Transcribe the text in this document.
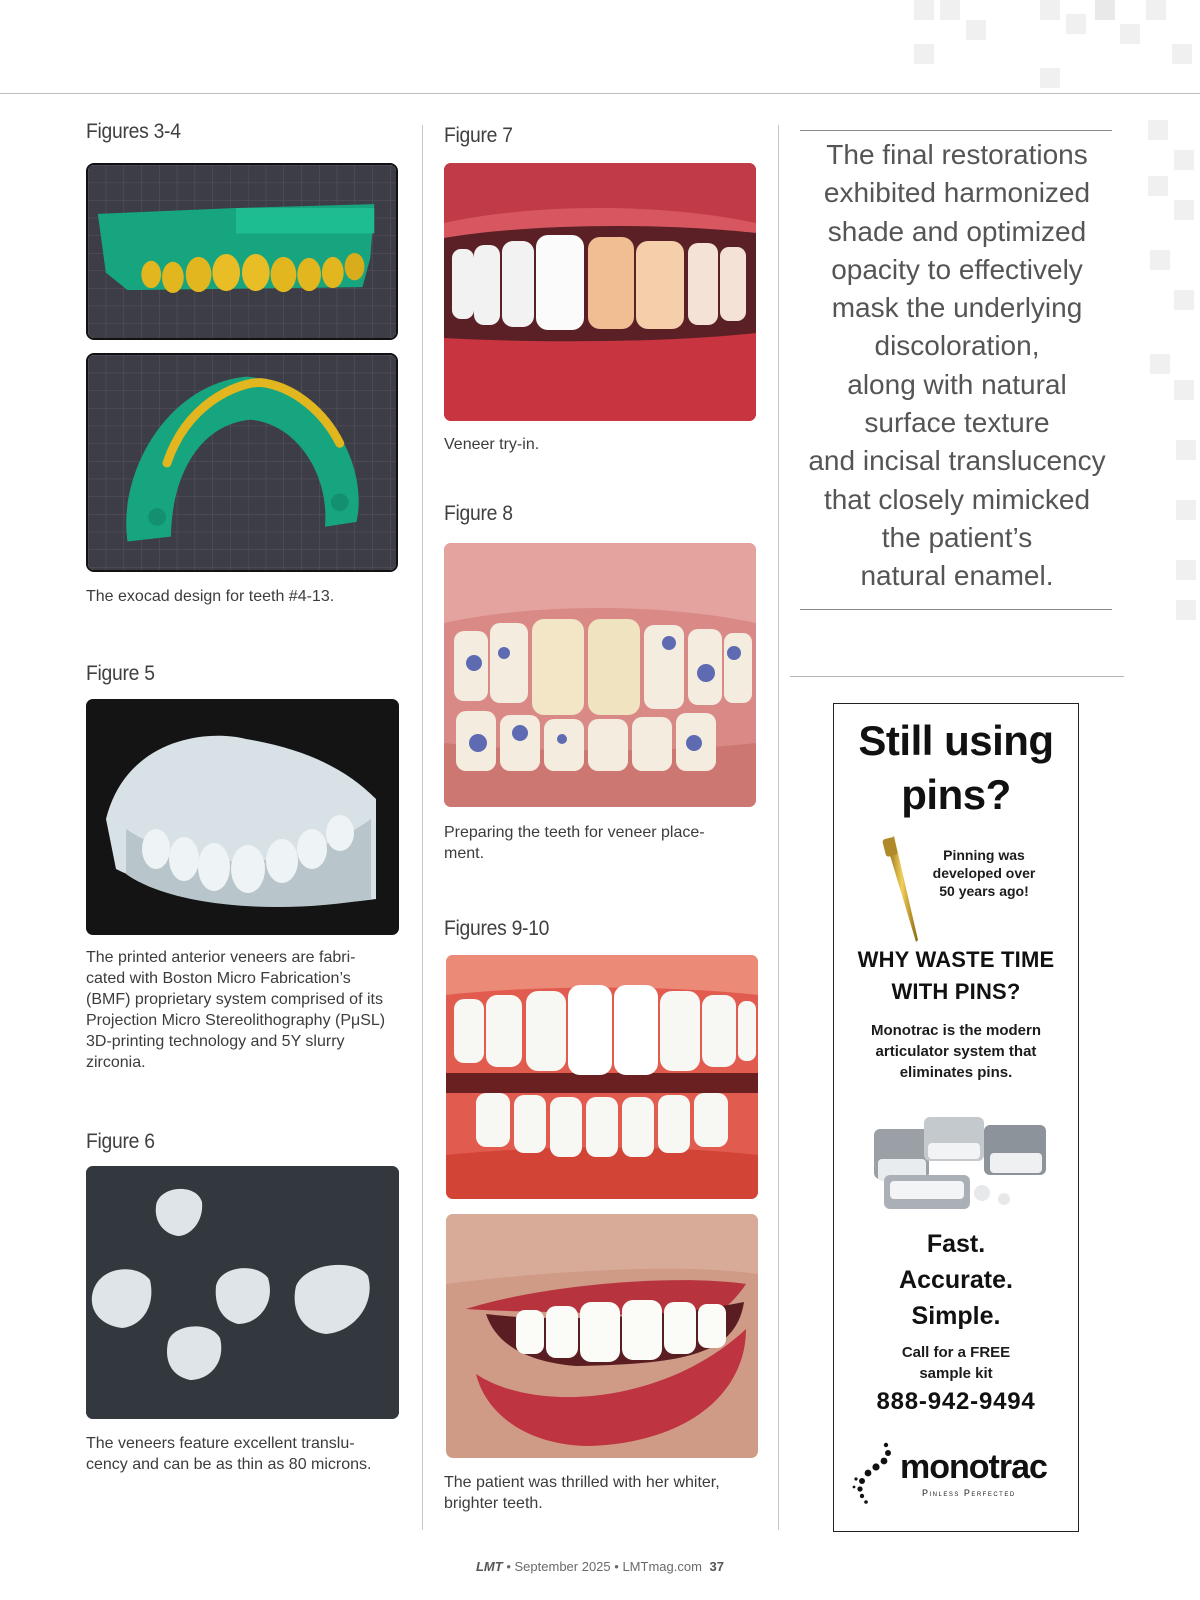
Figures 3-4
The exocad design for teeth #4-13.
Figure 5
The printed anterior veneers are fabri-
cated with Boston Micro Fabrication’s
(BMF) proprietary system comprised of its
Projection Micro Stereolithography (PμSL)
3D-printing technology and 5Y slurry
zirconia.
Figure 6
The veneers feature excellent translu-
cency and can be as thin as 80 microns.
Figure 7
Veneer try-in.
Figure 8
Preparing the teeth for veneer place-
ment.
Figures 9-10
The patient was thrilled with her whiter,
brighter teeth.
The final restorations
exhibited harmonized
shade and optimized
opacity to effectively
mask the underlying
discoloration,
along with natural
surface texture
and incisal translucency
that closely mimicked
the patient’s
natural enamel.
Still using
pins?
Pinning was
developed over
50 years ago!
WHY WASTE TIME
WITH PINS?
Monotrac is the modern
articulator system that
eliminates pins.
Fast.
Accurate.
Simple.
Call for a FREE
sample kit
888-942-9494
monotrac
Pinless Perfected
LMT • September 2025 • LMTmag.com 37
